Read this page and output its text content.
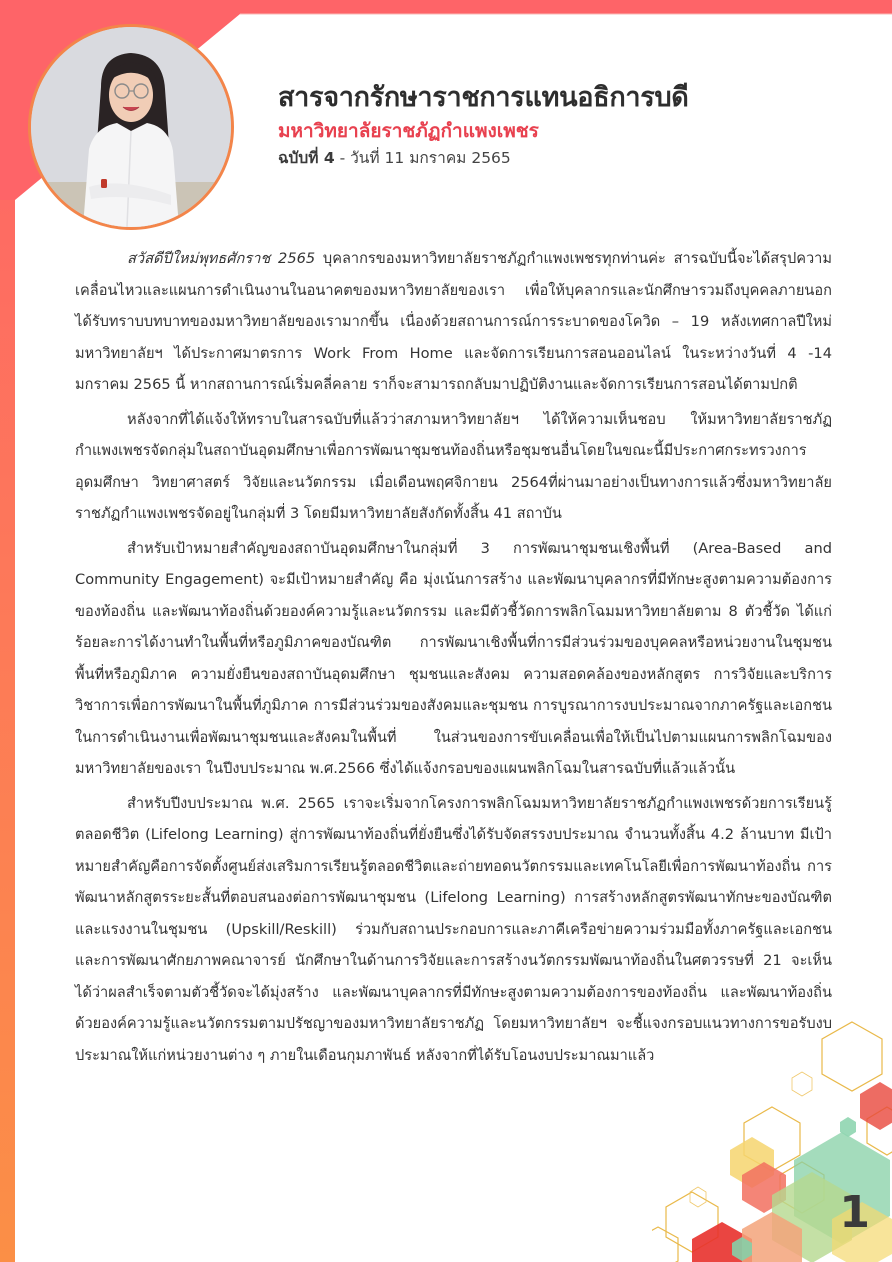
สารจากรักษาราชการแทนอธิการบดี
มหาวิทยาลัยราชภัฏกำแพงเพชร
ฉบับที่ 4 - วันที่ 11 มกราคม 2565

สวัสดีปีใหม่พุทธศักราช 2565 บุคลากรของมหาวิทยาลัยราชภัฏกำแพงเพชรทุกท่านค่ะ สารฉบับนี้จะได้สรุปความเคลื่อนไหวและแผนการดำเนินงานในอนาคตของมหาวิทยาลัยของเรา เพื่อให้บุคลากรและนักศึกษารวมถึงบุคคลภายนอกได้รับทราบบทบาทของมหาวิทยาลัยของเรามากขึ้น เนื่องด้วยสถานการณ์การระบาดของโควิด – 19 หลังเทศกาลปีใหม่ มหาวิทยาลัยฯ ได้ประกาศมาตรการ Work From Home และจัดการเรียนการสอนออนไลน์ ในระหว่างวันที่ 4 -14 มกราคม 2565 นี้ หากสถานการณ์เริ่มคลี่คลาย ราก็จะสามารถกลับมาปฏิบัติงานและจัดการเรียนการสอนได้ตามปกติ

หลังจากที่ได้แจ้งให้ทราบในสารฉบับที่แล้วว่าสภามหาวิทยาลัยฯ ได้ให้ความเห็นชอบ ให้มหาวิทยาลัยราชภัฏกำแพงเพชรจัดกลุ่มในสถาบันอุดมศึกษาเพื่อการพัฒนาชุมชนท้องถิ่นหรือชุมชนอื่นโดยในขณะนี้มีประกาศกระทรวงการอุดมศึกษา วิทยาศาสตร์ วิจัยและนวัตกรรม เมื่อเดือนพฤศจิกายน 2564ที่ผ่านมาอย่างเป็นทางการแล้วซึ่งมหาวิทยาลัยราชภัฏกำแพงเพชรจัดอยู่ในกลุ่มที่ 3 โดยมีมหาวิทยาลัยสังกัดทั้งสิ้น 41 สถาบัน

สำหรับเป้าหมายสำคัญของสถาบันอุดมศึกษาในกลุ่มที่ 3 การพัฒนาชุมชนเชิงพื้นที่ (Area-Based and Community Engagement) จะมีเป้าหมายสำคัญ คือ มุ่งเน้นการสร้าง และพัฒนาบุคลากรที่มีทักษะสูงตามความต้องการของท้องถิ่น และพัฒนาท้องถิ่นด้วยองค์ความรู้และนวัตกรรม และมีตัวชี้วัดการพลิกโฉมมหาวิทยาลัยตาม 8 ตัวชี้วัด ได้แก่ ร้อยละการได้งานทำในพื้นที่หรือภูมิภาคของบัณฑิต การพัฒนาเชิงพื้นที่การมีส่วนร่วมของบุคคลหรือหน่วยงานในชุมชน พื้นที่หรือภูมิภาค ความยั่งยืนของสถาบันอุดมศึกษา ชุมชนและสังคม ความสอดคล้องของหลักสูตร การวิจัยและบริการวิชาการเพื่อการพัฒนาในพื้นที่ภูมิภาค การมีส่วนร่วมของสังคมและชุมชน การบูรณาการงบประมาณจากภาครัฐและเอกชนในการดำเนินงานเพื่อพัฒนาชุมชนและสังคมในพื้นที่ ในส่วนของการขับเคลื่อนเพื่อให้เป็นไปตามแผนการพลิกโฉมของมหาวิทยาลัยของเรา ในปีงบประมาณ พ.ศ.2566 ซึ่งได้แจ้งกรอบของแผนพลิกโฉมในสารฉบับที่แล้วแล้วนั้น

สำหรับปีงบประมาณ พ.ศ. 2565 เราจะเริ่มจากโครงการพลิกโฉมมหาวิทยาลัยราชภัฏกำแพงเพชรด้วยการเรียนรู้ตลอดชีวิต (Lifelong Learning) สู่การพัฒนาท้องถิ่นที่ยั่งยืนซึ่งได้รับจัดสรรงบประมาณ จำนวนทั้งสิ้น 4.2 ล้านบาท มีเป้าหมายสำคัญคือการจัดตั้งศูนย์ส่งเสริมการเรียนรู้ตลอดชีวิตและถ่ายทอดนวัตกรรมและเทคโนโลยีเพื่อการพัฒนาท้องถิ่น การพัฒนาหลักสูตรระยะสั้นที่ตอบสนองต่อการพัฒนาชุมชน (Lifelong Learning) การสร้างหลักสูตรพัฒนาทักษะของบัณฑิตและแรงงานในชุมชน (Upskill/Reskill) ร่วมกับสถานประกอบการและภาคีเครือข่ายความร่วมมือทั้งภาครัฐและเอกชน และการพัฒนาศักยภาพคณาจารย์ นักศึกษาในด้านการวิจัยและการสร้างนวัตกรรมพัฒนาท้องถิ่นในศตวรรษที่ 21 จะเห็นได้ว่าผลสำเร็จตามตัวชี้วัดจะได้มุ่งสร้าง และพัฒนาบุคลากรที่มีทักษะสูงตามความต้องการของท้องถิ่น และพัฒนาท้องถิ่นด้วยองค์ความรู้และนวัตกรรมตามปรัชญาของมหาวิทยาลัยราชภัฏ โดยมหาวิทยาลัยฯ จะชี้แจงกรอบแนวทางการขอรับงบประมาณให้แก่หน่วยงานต่าง ๆ ภายในเดือนกุมภาพันธ์ หลังจากที่ได้รับโอนงบประมาณมาแล้ว

1
